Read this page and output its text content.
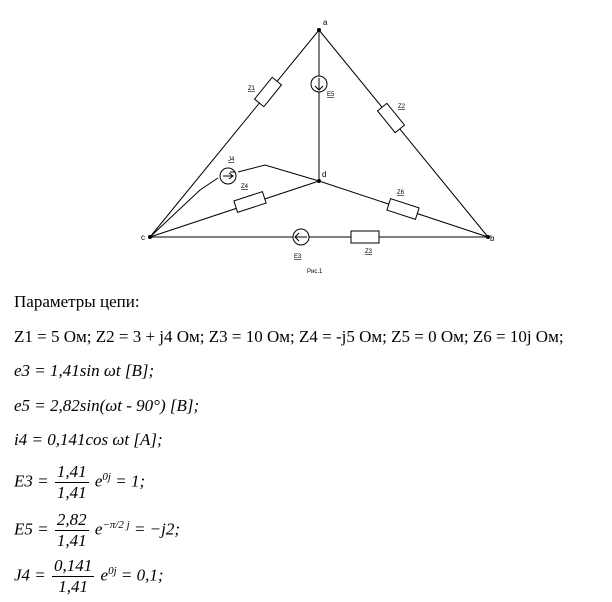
a
b
c
d
Z1
Z2
Z3
Z4
Z6
E5
E3
J4
Рис.1
Параметры цепи:
Z1 = 5 Ом; Z2 = 3 + j4 Ом; Z3 = 10 Ом; Z4 = -j5 Ом; Z5 = 0 Ом; Z6 = 10j Ом;
e3 = 1,41sin ωt [В];
e5 = 2,82sin(ωt - 90°) [В];
i4 = 0,141cos ωt [А];
$E3 = \frac{1,41}{1,41} e^{0j} = 1$;
$E5 = \frac{2,82}{1,41} e^{-\pi/2 j} = -j2$;
$J4 = \frac{0,141}{1,41} e^{0j} = 0,1$;
